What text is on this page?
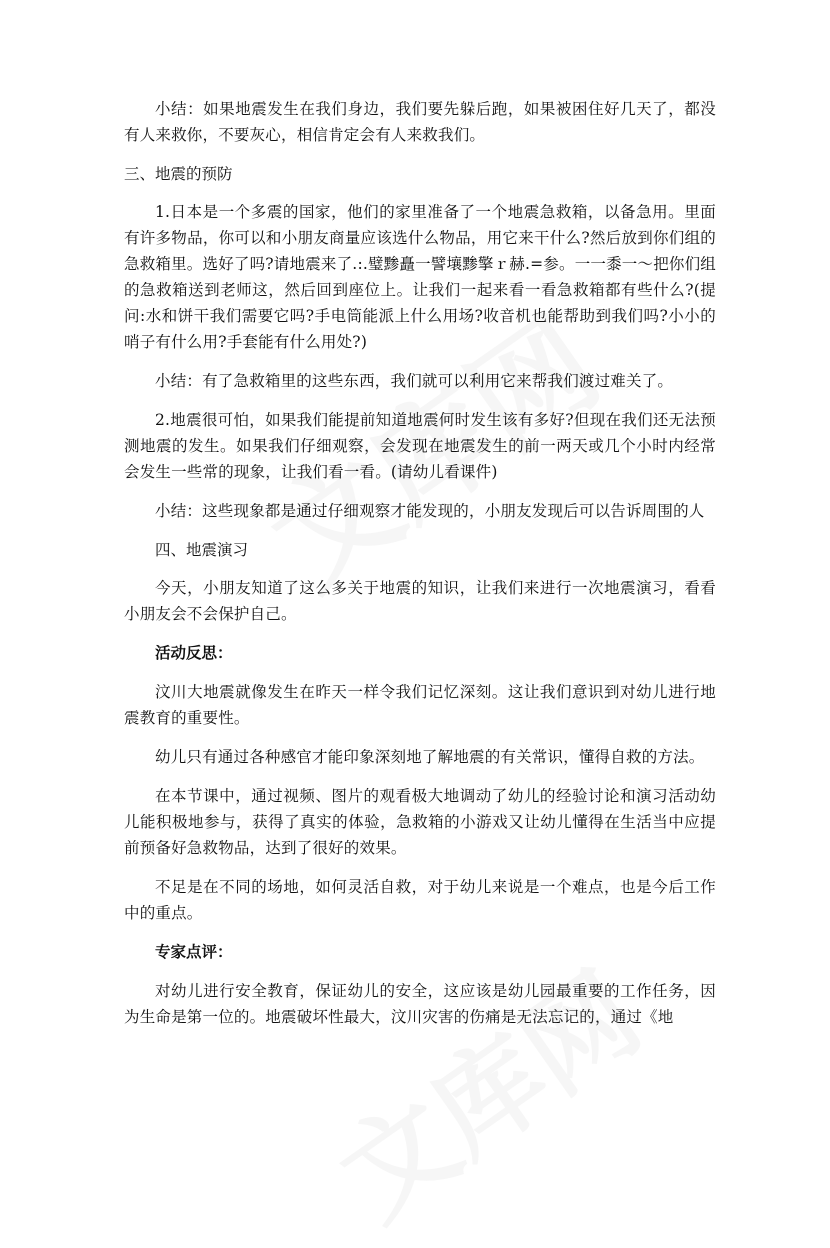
小结：如果地震发生在我们身边，我们要先躲后跑，如果被困住好几天了，都没有人来救你，不要灰心，相信肯定会有人来救我们。

三、地震的预防

1.日本是一个多震的国家，他们的家里准备了一个地震急救箱，以备急用。里面有许多物品，你可以和小朋友商量应该选什么物品，用它来干什么?然后放到你们组的急救箱里。选好了吗?请地震来了.:.璧黪矗一譬壤黪擎ｒ赫.=参。一一黍一～把你们组的急救箱送到老师这，然后回到座位上。让我们一起来看一看急救箱都有些什么?(提问:水和饼干我们需要它吗?手电筒能派上什么用场?收音机也能帮助到我们吗?小小的哨子有什么用?手套能有什么用处?)

小结：有了急救箱里的这些东西，我们就可以利用它来帮我们渡过难关了。

2.地震很可怕，如果我们能提前知道地震何时发生该有多好?但现在我们还无法预测地震的发生。如果我们仔细观察，会发现在地震发生的前一两天或几个小时内经常会发生一些常的现象，让我们看一看。(请幼儿看课件)

小结：这些现象都是通过仔细观察才能发现的，小朋友发现后可以告诉周围的人

四、地震演习

今天，小朋友知道了这么多关于地震的知识，让我们来进行一次地震演习，看看小朋友会不会保护自己。

活动反思：

汶川大地震就像发生在昨天一样令我们记忆深刻。这让我们意识到对幼儿进行地震教育的重要性。

幼儿只有通过各种感官才能印象深刻地了解地震的有关常识，懂得自救的方法。

在本节课中，通过视频、图片的观看极大地调动了幼儿的经验讨论和演习活动幼儿能积极地参与，获得了真实的体验，急救箱的小游戏又让幼儿懂得在生活当中应提前预备好急救物品，达到了很好的效果。

不足是在不同的场地，如何灵活自救，对于幼儿来说是一个难点，也是今后工作中的重点。

专家点评：

对幼儿进行安全教育，保证幼儿的安全，这应该是幼儿园最重要的工作任务，因为生命是第一位的。地震破坏性最大，汶川灾害的伤痛是无法忘记的，通过《地
